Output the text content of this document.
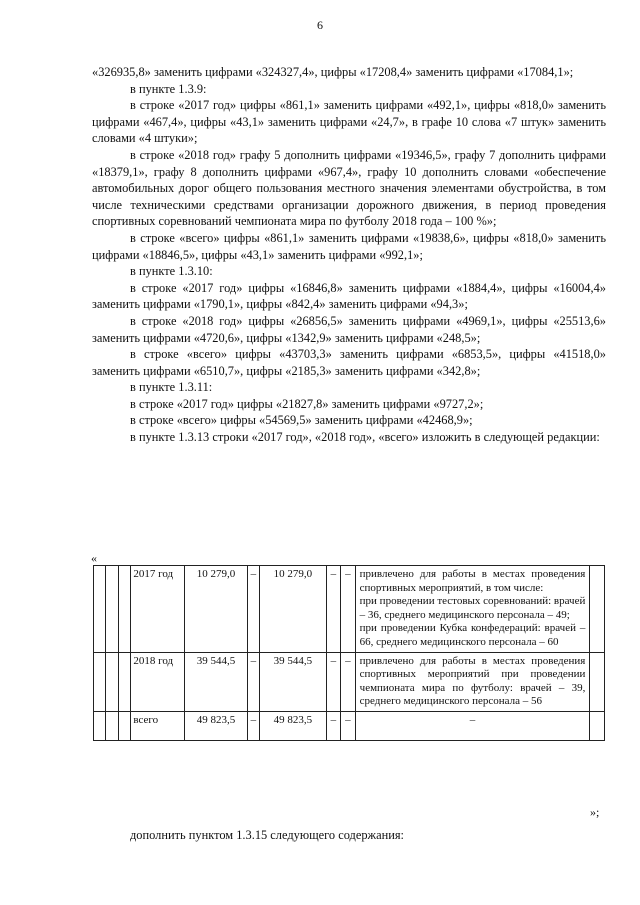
6

«326935,8» заменить цифрами «324327,4», цифры «17208,4» заменить цифрами «17084,1»;

в пункте 1.3.9:

в строке «2017 год» цифры «861,1» заменить цифрами «492,1», цифры «818,0» заменить цифрами «467,4», цифры «43,1» заменить цифрами «24,7», в графе 10 слова «7 штук» заменить словами «4 штуки»;

в строке «2018 год» графу 5 дополнить цифрами «19346,5», графу 7 дополнить цифрами «18379,1», графу 8 дополнить цифрами «967,4», графу 10 дополнить словами «обеспечение автомобильных дорог общего пользования местного значения элементами обустройства, в том числе техническими средствами организации дорожного движения, в период проведения спортивных соревнований чемпионата мира по футболу 2018 года – 100 %»;

в строке «всего» цифры «861,1» заменить цифрами «19838,6», цифры «818,0» заменить цифрами «18846,5», цифры «43,1» заменить цифрами «992,1»;

в пункте 1.3.10:

в строке «2017 год» цифры «16846,8» заменить цифрами «1884,4», цифры «16004,4» заменить цифрами «1790,1», цифры «842,4» заменить цифрами «94,3»;

в строке «2018 год» цифры «26856,5» заменить цифрами «4969,1», цифры «25513,6» заменить цифрами «4720,6», цифры «1342,9» заменить цифрами «248,5»;

в строке «всего» цифры «43703,3» заменить цифрами «6853,5», цифры «41518,0» заменить цифрами «6510,7», цифры «2185,3» заменить цифрами «342,8»;

в пункте 1.3.11:

в строке «2017 год» цифры «21827,8» заменить цифрами «9727,2»;

в строке «всего» цифры «54569,5» заменить цифрами «42468,9»;

в пункте 1.3.13 строки «2017 год», «2018 год», «всего» изложить в следующей редакции:

«
			2017 год	10 279,0	–	10 279,0	–	–	привлечено для работы в местах проведения спортивных мероприятий, в том числе:
при проведении тестовых соревнований: врачей – 36, среднего медицинского персонала – 49;
при проведении Кубка конфедераций: врачей – 66, среднего медицинского персонала – 60	

			2018 год	39 544,5	–	39 544,5	–	–	привлечено для работы в местах проведения спортивных мероприятий при проведении чемпионата мира по футболу: врачей – 39, среднего медицинского персонала – 56	

			всего	49 823,5	–	49 823,5	–	–	–	

»;
дополнить пунктом 1.3.15 следующего содержания:
